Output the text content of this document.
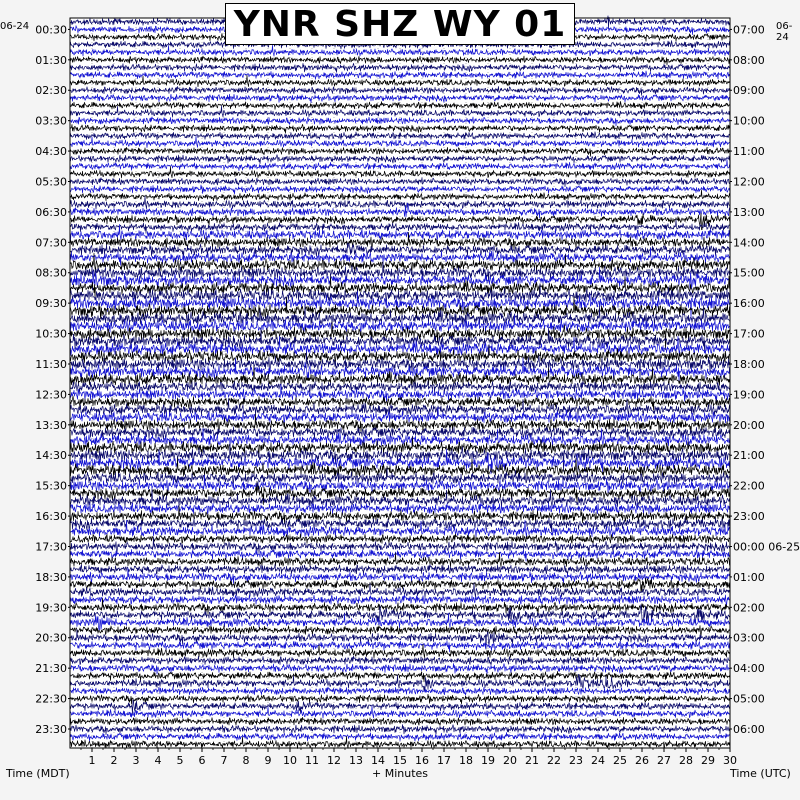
YNR SHZ WY 01
1 2 3 4 5 6 7 8 9 10 11 12 13 14 15 16 17 18 19 20 21 22 23 24 25 26 27 28 29 30
00:30
01:30
02:30
03:30
04:30
05:30
06:30
07:30
08:30
09:30
10:30
11:30
12:30
13:30
14:30
15:30
16:30
17:30
18:30
19:30
20:30
21:30
22:30
23:30
07:00
08:00
09:00
10:00
11:00
12:00
13:00
14:00
15:00
16:00
17:00
18:00
19:00
20:00
21:00
22:00
23:00
00:00 06-25
01:00
02:00
03:00
04:00
05:00
06:00
06-24	06-24
Time (MDT)	+ Minutes	Time (UTC)
